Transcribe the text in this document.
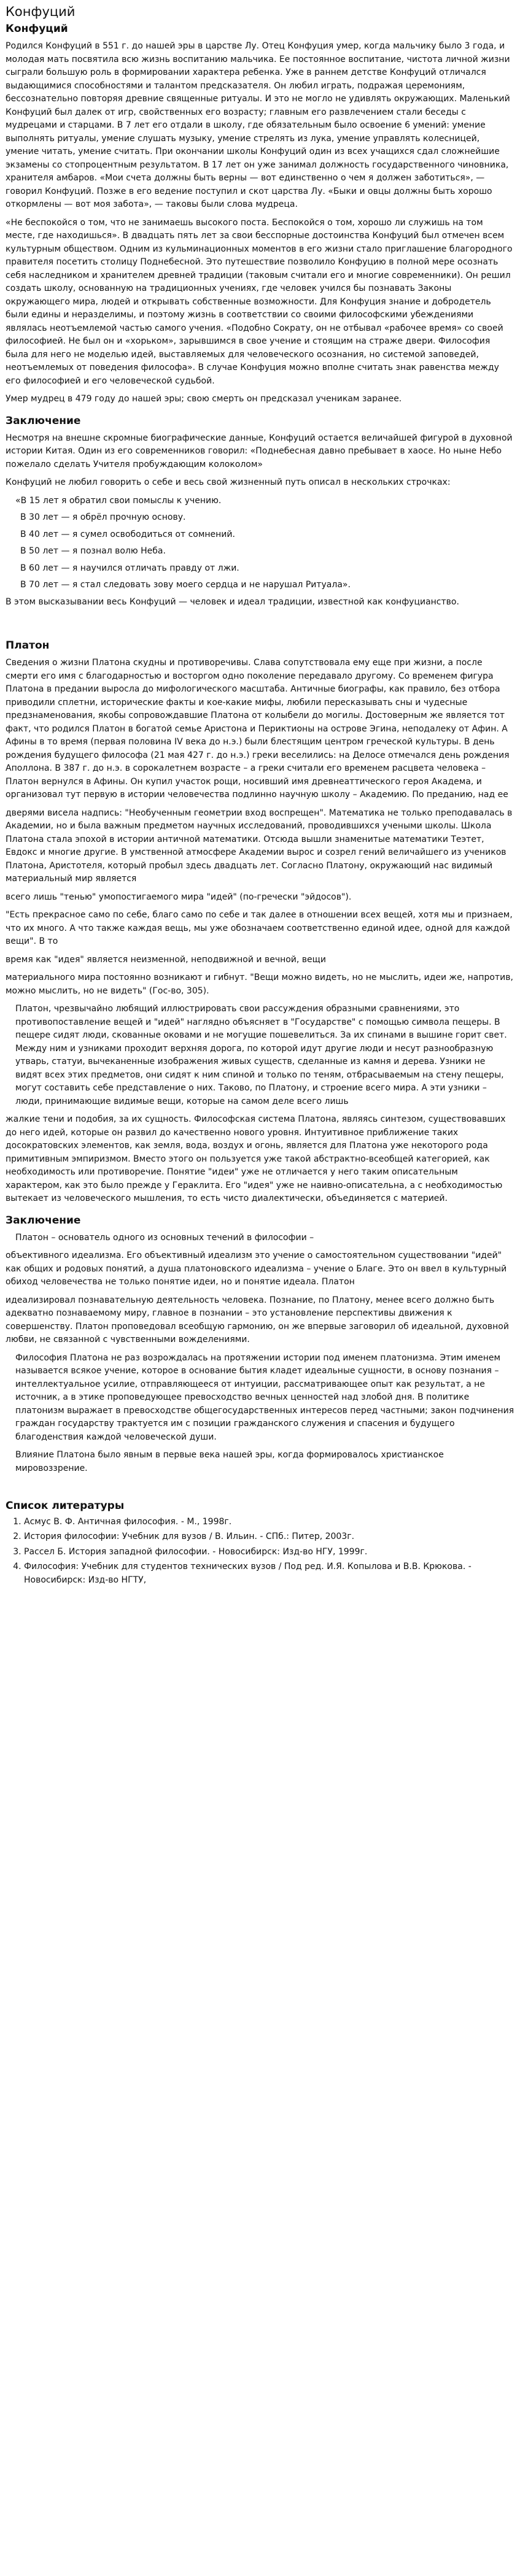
Конфуций
Конфуций

Родился Конфуций в 551 г. до нашей эры в царстве Лу. Отец Конфуция умер, когда мальчику было 3 года, и молодая мать посвятила всю жизнь воспитанию мальчика. Ее постоянное воспитание, чистота личной жизни сыграли большую роль в формировании характера ребенка. Уже в раннем детстве Конфуций отличался выдающимися способностями и талантом предсказателя. Он любил играть, подражая церемониям, бессознательно повторяя древние священные ритуалы. И это не могло не удивлять окружающих. Маленький Конфуций был далек от игр, свойственных его возрасту; главным его развлечением стали беседы с мудрецами и старцами. В 7 лет его отдали в школу, где обязательным было освоение 6 умений: умение выполнять ритуалы, умение слушать музыку, умение стрелять из лука, умение управлять колесницей, умение читать, умение считать. При окончании школы Конфуций один из всех учащихся сдал сложнейшие экзамены со стопроцентным результатом. В 17 лет он уже занимал должность государственного чиновника, хранителя амбаров. «Мои счета должны быть верны — вот единственно о чем я должен заботиться», — говорил Конфуций. Позже в его ведение поступил и скот царства Лу. «Быки и овцы должны быть хорошо откормлены — вот моя забота», — таковы были слова мудреца.

«Не беспокойся о том, что не занимаешь высокого поста. Беспокойся о том, хорошо ли служишь на том месте, где находишься». В двадцать пять лет за свои бесспорные достоинства Конфуций был отмечен всем культурным обществом. Одним из кульминационных моментов в его жизни стало приглашение благородного правителя посетить столицу Поднебесной. Это путешествие позволило Конфуцию в полной мере осознать себя наследником и хранителем древней традиции (таковым считали его и многие современники). Он решил создать школу, основанную на традиционных учениях, где человек учился бы познавать Законы окружающего мира, людей и открывать собственные возможности. Для Конфуция знание и добродетель были едины и неразделимы, и поэтому жизнь в соответствии со своими философскими убеждениями являлась неотъемлемой частью самого учения. «Подобно Сократу, он не отбывал «рабочее время» со своей философией. Не был он и «хорьком», зарывшимся в свое учение и стоящим на страже двери. Философия была для него не моделью идей, выставляемых для человеческого осознания, но системой заповедей, неотъемлемых от поведения философа». В случае Конфуция можно вполне считать знак равенства между его философией и его человеческой судьбой.

Умер мудрец в 479 году до нашей эры; свою смерть он предсказал ученикам заранее.

Заключение

Несмотря на внешне скромные биографические данные, Конфуций остается величайшей фигурой в духовной истории Китая. Один из его современников говорил: «Поднебесная давно пребывает в хаосе. Но ныне Небо пожелало сделать Учителя пробуждающим колоколом»

Конфуций не любил говорить о себе и весь свой жизненный путь описал в нескольких строчках:

«В 15 лет я обратил свои помыслы к учению.

В 30 лет — я обрёл прочную основу.

В 40 лет — я сумел освободиться от сомнений.

В 50 лет — я познал волю Неба.

В 60 лет — я научился отличать правду от лжи.

В 70 лет — я стал следовать зову моего сердца и не нарушал Ритуала».

В этом высказывании весь Конфуций — человек и идеал традиции, известной как конфуцианство.

Платон

Сведения о жизни Платона скудны и противоречивы. Слава сопутствовала ему еще при жизни, а после смерти его имя с благодарностью и восторгом одно поколение передавало другому. Со временем фигура Платона в предании выросла до мифологического масштаба. Античные биографы, как правило, без отбора приводили сплетни, исторические факты и кое-какие мифы, любили пересказывать сны и чудесные предзнаменования, якобы сопровождавшие Платона от колыбели до могилы. Достоверным же является тот факт, что родился Платон в богатой семье Аристона и Периктионы на острове Эгина, неподалеку от Афин. А Афины в то время (первая половина IV века до н.э.) были блестящим центром греческой культуры. В день рождения будущего философа (21 мая 427 г. до н.э.) греки веселились: на Делосе отмечался день рождения Аполлона. В 387 г. до н.э. в сорокалетнем возрасте – а греки считали его временем расцвета человека – Платон вернулся в Афины. Он купил участок рощи, носивший имя древнеаттического героя Академа, и организовал тут первую в истории человечества подлинно научную школу – Академию. По преданию, над ее

дверями висела надпись: "Необученным геометрии вход воспрещен". Математика не только преподавалась в Академии, но и была важным предметом научных исследований, проводившихся учеными школы. Школа Платона стала эпохой в истории античной математики. Отсюда вышли знаменитые математики Теэтет, Евдокс и многие другие. В умственной атмосфере Академии вырос и созрел гений величайшего из учеников Платона, Аристотеля, который пробыл здесь двадцать лет. Согласно Платону, окружающий нас видимый материальный мир является

всего лишь "тенью" умопостигаемого мира "идей" (по-гречески "эйдосов").

"Есть прекрасное само по себе, благо само по себе и так далее в отношении всех вещей, хотя мы и признаем, что их много. А что также каждая вещь, мы уже обозначаем соответственно единой идее, одной для каждой вещи". В то

время как "идея" является неизменной, неподвижной и вечной, вещи

материального мира постоянно возникают и гибнут. "Вещи можно видеть, но не мыслить, идеи же, напротив, можно мыслить, но не видеть" (Гос-во, 305).

Платон, чрезвычайно любящий иллюстрировать свои рассуждения образными сравнениями, это противопоставление вещей и "идей" наглядно объясняет в "Государстве" с помощью символа пещеры. В пещере сидят люди, скованные оковами и не могущие пошевелиться. За их спинами в вышине горит свет. Между ним и узниками проходит верхняя дорога, по которой идут другие люди и несут разнообразную утварь, статуи, вычеканенные изображения живых существ, сделанные из камня и дерева. Узники не видят всех этих предметов, они сидят к ним спиной и только по теням, отбрасываемым на стену пещеры, могут составить себе представление о них. Таково, по Платону, и строение всего мира. А эти узники – люди, принимающие видимые вещи, которые на самом деле всего лишь

жалкие тени и подобия, за их сущность. Философская система Платона, являясь синтезом, существовавших до него идей, которые он развил до качественно нового уровня. Интуитивное приближение таких досократовских элементов, как земля, вода, воздух и огонь, является для Платона уже некоторого рода примитивным эмпиризмом. Вместо этого он пользуется уже такой абстрактно-всеобщей категорией, как необходимость или противоречие. Понятие "идеи" уже не отличается у него таким описательным характером, как это было прежде у Гераклита. Его "идея" уже не наивно-описательна, а с необходимостью вытекает из человеческого мышления, то есть чисто диалектически, объединяется с материей.

Заключение

Платон – основатель одного из основных течений в философии –

объективного идеализма. Его объективный идеализм это учение о самостоятельном существовании "идей" как общих и родовых понятий, а душа платоновского идеализма – учение о Благе. Это он ввел в культурный обиход человечества не только понятие идеи, но и понятие идеала. Платон

идеализировал познавательную деятельность человека. Познание, по Платону, менее всего должно быть адекватно познаваемому миру, главное в познании – это установление перспективы движения к совершенству. Платон проповедовал всеобщую гармонию, он же впервые заговорил об идеальной, духовной любви, не связанной с чувственными вожделениями.

Философия Платона не раз возрождалась на протяжении истории под именем платонизма. Этим именем называется всякое учение, которое в основание бытия кладет идеальные сущности, в основу познания – интеллектуальное усилие, отправляющееся от интуиции, рассматривающее опыт как результат, а не источник, а в этике проповедующее превосходство вечных ценностей над злобой дня. В политике платонизм выражает в превосходстве общегосударственных интересов перед частными; закон подчинения граждан государству трактуется им с позиции гражданского служения и спасения и будущего благоденствия каждой человеческой души.

Влияние Платона было явным в первые века нашей эры, когда формировалось христианское мировоззрение.

Список литературы
1. Асмус В. Ф. Античная философия. - М., 1998г.
2. История философии: Учебник для вузов / В. Ильин. - СПб.: Питер, 2003г.
3. Рассел Б. История западной философии. - Новосибирск: Изд-во НГУ, 1999г.
4. Философия: Учебник для студентов технических вузов / Под ред. И.Я. Копылова и В.В. Крюкова. - Новосибирск: Изд-во НГТУ,
